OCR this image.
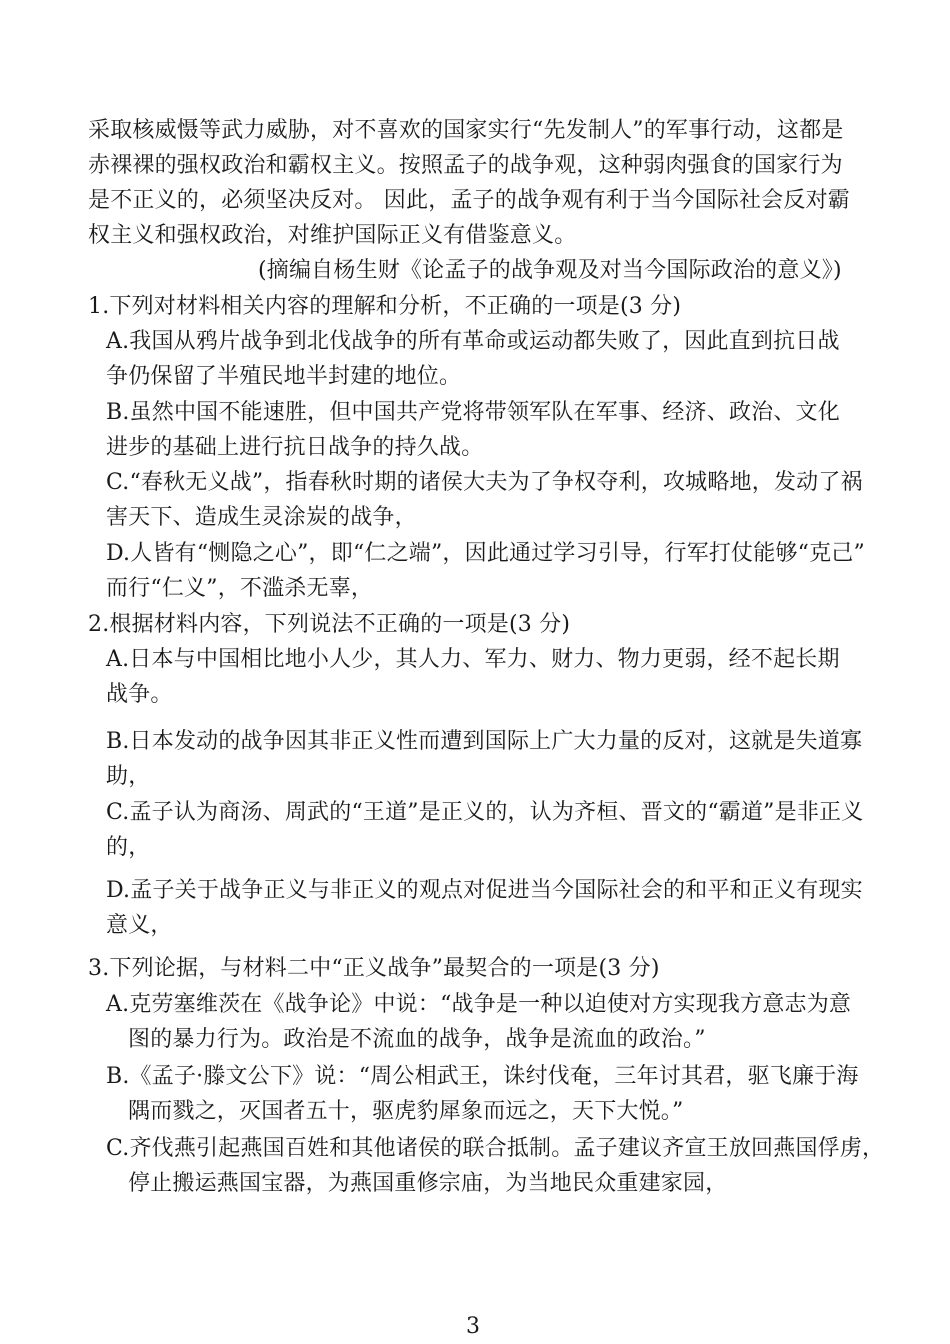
采取核威慑等武力威胁，对不喜欢的国家实行“先发制人”的军事行动，这都是
赤裸裸的强权政治和霸权主义。按照孟子的战争观，这种弱肉强食的国家行为
是不正义的，必须坚决反对。 因此，孟子的战争观有利于当今国际社会反对霸
权主义和强权政治，对维护国际正义有借鉴意义。
(摘编自杨生财《论孟子的战争观及对当今国际政治的意义》)
1.下列对材料相关内容的理解和分析，不正确的一项是(3 分)
A.我国从鸦片战争到北伐战争的所有革命或运动都失败了，因此直到抗日战
争仍保留了半殖民地半封建的地位。
B.虽然中国不能速胜，但中国共产党将带领军队在军事、经济、政治、文化
进步的基础上进行抗日战争的持久战。
C.“春秋无义战”，指春秋时期的诸侯大夫为了争权夺利，攻城略地，发动了祸
害天下、造成生灵涂炭的战争，
D.人皆有“恻隐之心”，即“仁之端”，因此通过学习引导，行军打仗能够“克己”
而行“仁义”，不滥杀无辜，
2.根据材料内容，下列说法不正确的一项是(3 分)
A.日本与中国相比地小人少，其人力、军力、财力、物力更弱，经不起长期
战争。
B.日本发动的战争因其非正义性而遭到国际上广大力量的反对，这就是失道寡
助，
C.孟子认为商汤、周武的“王道”是正义的，认为齐桓、晋文的“霸道”是非正义
的，
D.孟子关于战争正义与非正义的观点对促进当今国际社会的和平和正义有现实
意义，
3.下列论据，与材料二中“正义战争”最契合的一项是(3 分)
A.克劳塞维茨在《战争论》中说：“战争是一种以迫使对方实现我方意志为意
图的暴力行为。政治是不流血的战争，战争是流血的政治。”
B.《孟子·滕文公下》说：“周公相武王，诛纣伐奄，三年讨其君，驱飞廉于海
隅而戮之，灭国者五十，驱虎豹犀象而远之，天下大悦。”
C.齐伐燕引起燕国百姓和其他诸侯的联合抵制。孟子建议齐宣王放回燕国俘虏，
停止搬运燕国宝器，为燕国重修宗庙，为当地民众重建家园，
3
